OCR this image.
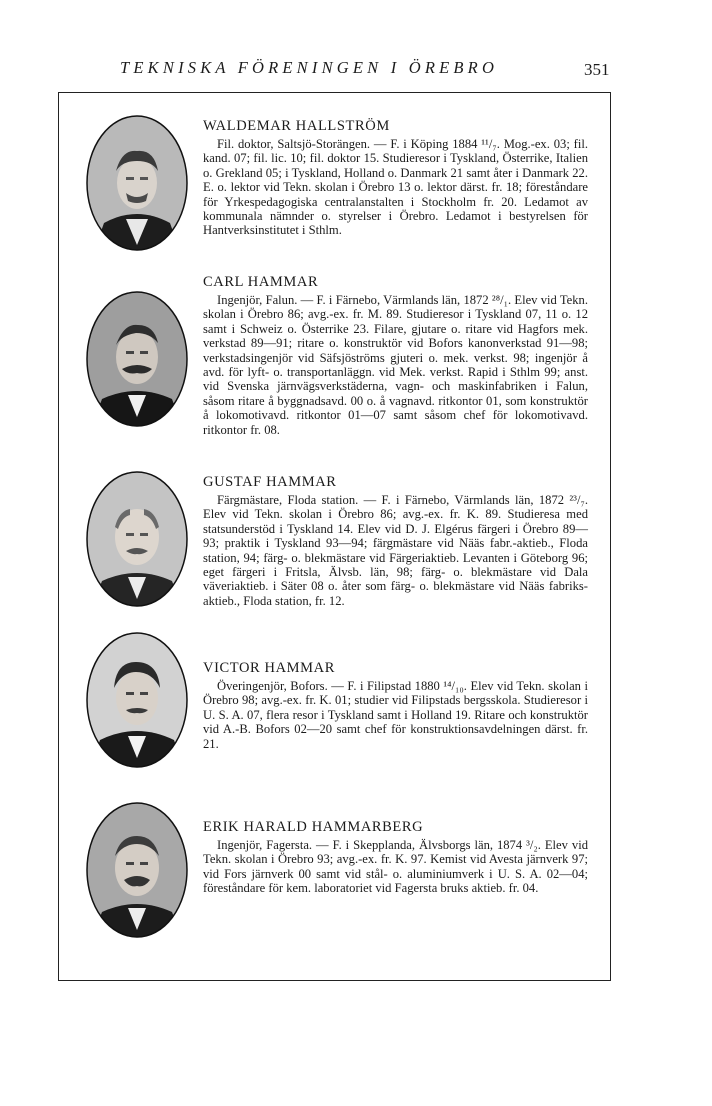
TEKNISKA FÖRENINGEN I ÖREBRO	351
WALDEMAR HALLSTRÖM

Fil. doktor, Saltsjö-Storängen. — F. i Köping 1884 ¹¹/₇. Mog.-ex. 03; fil. kand. 07; fil. lic. 10; fil. doktor 15. Studieresor i Tyskland, Österrike, Italien o. Grekland 05; i Tyskland, Holland o. Danmark 21 samt åter i Danmark 22. E. o. lektor vid Tekn. skolan i Örebro 13 o. lektor därst. fr. 18; föreståndare för Yrkespedagogiska centralanstalten i Stockholm fr. 20. Ledamot av kommunala nämnder o. styrelser i Örebro. Ledamot i bestyrelsen för Hantverksinstitutet i Sthlm.

CARL HAMMAR

Ingenjör, Falun. — F. i Färnebo, Värmlands län, 1872 ²⁸/₁. Elev vid Tekn. skolan i Örebro 86; avg.-ex. fr. M. 89. Studieresor i Tyskland 07, 11 o. 12 samt i Schweiz o. Österrike 23. Filare, gjutare o. ritare vid Hagfors mek. verkstad 89—91; ritare o. konstruktör vid Bofors kanonverkstad 91—98; verkstadsingenjör vid Säfsjöströms gjuteri o. mek. verkst. 98; ingenjör å avd. för lyft- o. transportanläggn. vid Mek. verkst. Rapid i Sthlm 99; anst. vid Svenska järnvägsverkstäderna, vagn- och maskinfabriken i Falun, såsom ritare å byggnadsavd. 00 o. å vagnavd. ritkontor 01, som konstruktör å lokomotivavd. ritkontor 01—07 samt såsom chef för lokomotivavd. ritkontor fr. 08.

GUSTAF HAMMAR

Färgmästare, Floda station. — F. i Färnebo, Värmlands län, 1872 ²³/₇. Elev vid Tekn. skolan i Örebro 86; avg.-ex. fr. K. 89. Studieresa med statsunderstöd i Tyskland 14. Elev vid D. J. Elgérus färgeri i Örebro 89—93; praktik i Tyskland 93—94; färgmästare vid Nääs fabr.-aktieb., Floda station, 94; färg- o. blekmästare vid Färgeriaktieb. Levanten i Göteborg 96; eget färgeri i Fritsla, Älvsb. län, 98; färg- o. blekmästare vid Dala väveriaktieb. i Säter 08 o. åter som färg- o. blekmästare vid Nääs fabriksaktieb., Floda station, fr. 12.

VICTOR HAMMAR

Överingenjör, Bofors. — F. i Filipstad 1880 ¹⁴/₁₀. Elev vid Tekn. skolan i Örebro 98; avg.-ex. fr. K. 01; studier vid Filipstads bergsskola. Studieresor i U. S. A. 07, flera resor i Tyskland samt i Holland 19. Ritare och konstruktör vid A.-B. Bofors 02—20 samt chef för konstruktionsavdelningen därst. fr. 21.

ERIK HARALD HAMMARBERG

Ingenjör, Fagersta. — F. i Skepplanda, Älvsborgs län, 1874 ³/₂. Elev vid Tekn. skolan i Örebro 93; avg.-ex. fr. K. 97. Kemist vid Avesta järnverk 97; vid Fors järnverk 00 samt vid stål- o. aluminiumverk i U. S. A. 02—04; föreståndare för kem. laboratoriet vid Fagersta bruks aktieb. fr. 04.
